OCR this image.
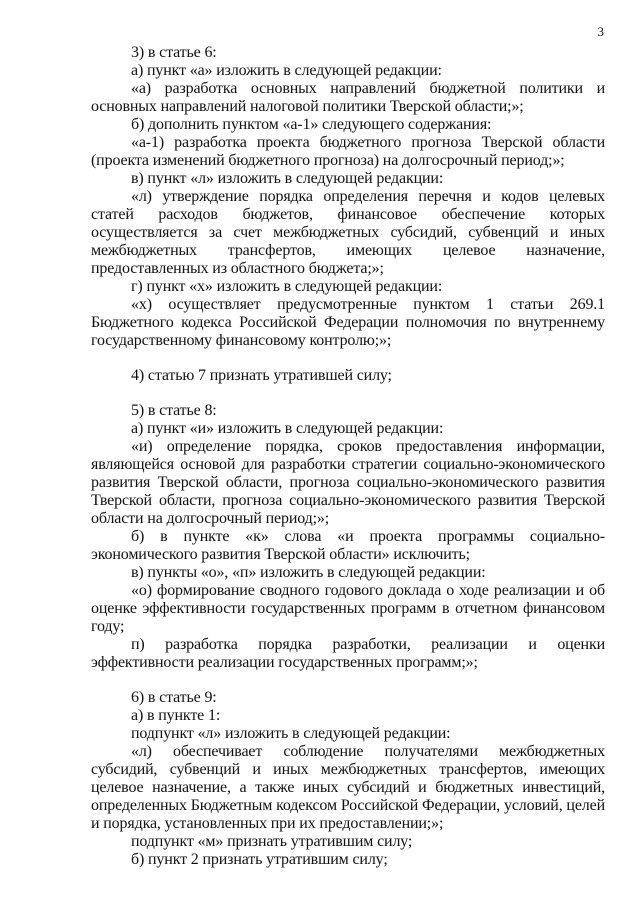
3

3) в статье 6:

а) пункт «а» изложить в следующей редакции:

«а) разработка основных направлений бюджетной политики и основных направлений налоговой политики Тверской области;»;

б) дополнить пунктом «а-1» следующего содержания:

«а-1) разработка проекта бюджетного прогноза Тверской области (проекта изменений бюджетного прогноза) на долгосрочный период;»;

в) пункт «л» изложить в следующей редакции:

«л) утверждение порядка определения перечня и кодов целевых статей расходов бюджетов, финансовое обеспечение которых осуществляется за счет межбюджетных субсидий, субвенций и иных межбюджетных трансфертов, имеющих целевое назначение, предоставленных из областного бюджета;»;

г) пункт «х» изложить в следующей редакции:

«х) осуществляет предусмотренные пунктом 1 статьи 269.1 Бюджетного кодекса Российской Федерации полномочия по внутреннему государственному финансовому контролю;»;

4) статью 7 признать утратившей силу;

5) в статье 8:

а) пункт «и» изложить в следующей редакции:

«и) определение порядка, сроков предоставления информации, являющейся основой для разработки стратегии социально-экономического развития Тверской области, прогноза социально-экономического развития Тверской области, прогноза социально-экономического развития Тверской области на долгосрочный период;»;

б) в пункте «к» слова «и проекта программы социально-экономического развития Тверской области» исключить;

в) пункты «о», «п» изложить в следующей редакции:

«о) формирование сводного годового доклада о ходе реализации и об оценке эффективности государственных программ в отчетном финансовом году;

п) разработка порядка разработки, реализации и оценки эффективности реализации государственных программ;»;

6) в статье 9:

а) в пункте 1:

подпункт «л» изложить в следующей редакции:

«л) обеспечивает соблюдение получателями межбюджетных субсидий, субвенций и иных межбюджетных трансфертов, имеющих целевое назначение, а также иных субсидий и бюджетных инвестиций, определенных Бюджетным кодексом Российской Федерации, условий, целей и порядка, установленных при их предоставлении;»;

подпункт «м» признать утратившим силу;

б) пункт 2 признать утратившим силу;
